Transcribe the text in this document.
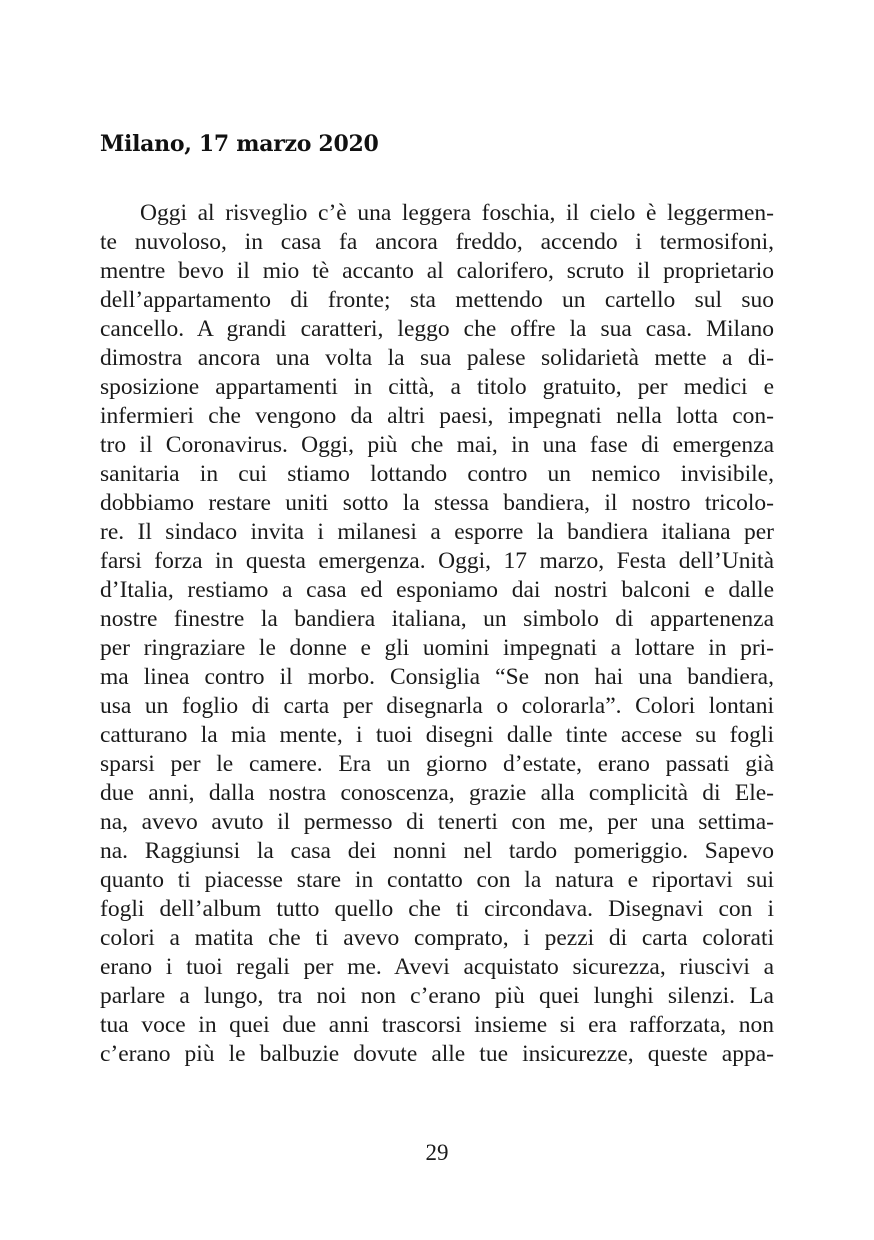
Milano, 17 marzo 2020
Oggi al risveglio c’è una leggera foschia, il cielo è leggermen-
te nuvoloso, in casa fa ancora freddo, accendo i termosifoni,
mentre bevo il mio tè accanto al calorifero, scruto il proprietario
dell’appartamento di fronte; sta mettendo un cartello sul suo
cancello. A grandi caratteri, leggo che offre la sua casa. Milano
dimostra ancora una volta la sua palese solidarietà mette a di-
sposizione appartamenti in città, a titolo gratuito, per medici e
infermieri che vengono da altri paesi, impegnati nella lotta con-
tro il Coronavirus. Oggi, più che mai, in una fase di emergenza
sanitaria in cui stiamo lottando contro un nemico invisibile,
dobbiamo restare uniti sotto la stessa bandiera, il nostro tricolo-
re. Il sindaco invita i milanesi a esporre la bandiera italiana per
farsi forza in questa emergenza. Oggi, 17 marzo, Festa dell’Unità
d’Italia, restiamo a casa ed esponiamo dai nostri balconi e dalle
nostre finestre la bandiera italiana, un simbolo di appartenenza
per ringraziare le donne e gli uomini impegnati a lottare in pri-
ma linea contro il morbo. Consiglia “Se non hai una bandiera,
usa un foglio di carta per disegnarla o colorarla”. Colori lontani
catturano la mia mente, i tuoi disegni dalle tinte accese su fogli
sparsi per le camere. Era un giorno d’estate, erano passati già
due anni, dalla nostra conoscenza, grazie alla complicità di Ele-
na, avevo avuto il permesso di tenerti con me, per una settima-
na. Raggiunsi la casa dei nonni nel tardo pomeriggio. Sapevo
quanto ti piacesse stare in contatto con la natura e riportavi sui
fogli dell’album tutto quello che ti circondava. Disegnavi con i
colori a matita che ti avevo comprato, i pezzi di carta colorati
erano i tuoi regali per me. Avevi acquistato sicurezza, riuscivi a
parlare a lungo, tra noi non c’erano più quei lunghi silenzi. La
tua voce in quei due anni trascorsi insieme si era rafforzata, non
c’erano più le balbuzie dovute alle tue insicurezze, queste appa-
29
